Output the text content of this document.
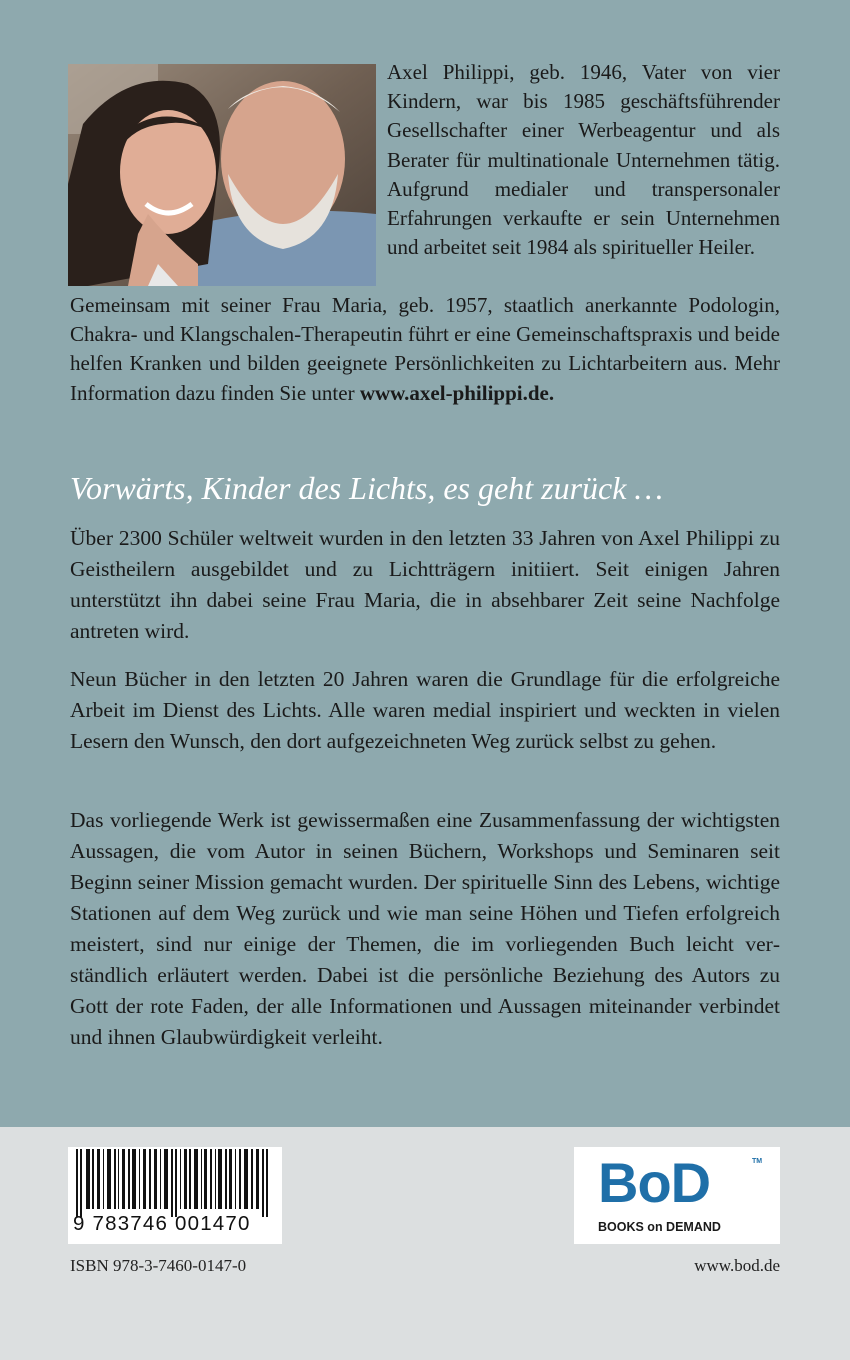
Axel Philippi, geb. 1946, Vater von vier Kindern, war bis 1985 geschäftsführender Gesellschafter einer Werbeagentur und als Berater für multinationale Unternehmen tätig. Aufgrund medialer und transpersonaler Erfahrungen verkaufte er sein Unternehmen und arbeitet seit 1984 als spiritueller Heiler.
Gemeinsam mit seiner Frau Maria, geb. 1957, staatlich anerkannte Podologin, Chakra- und Klangschalen-Therapeutin führt er eine Gemeinschaftspraxis und beide helfen Kranken und bilden geeignete Persönlichkeiten zu Lichtarbeitern aus. Mehr Information dazu finden Sie unter www.axel-philippi.de.
Vorwärts, Kinder des Lichts, es geht zurück …

Über 2300 Schüler weltweit wurden in den letzten 33 Jahren von Axel Philippi zu Geistheilern ausgebildet und zu Lichtträgern initiiert. Seit einigen Jahren unterstützt ihn dabei seine Frau Maria, die in absehbarer Zeit seine Nachfolge antreten wird.

Neun Bücher in den letzten 20 Jahren waren die Grundlage für die erfolgreiche Arbeit im Dienst des Lichts. Alle waren medial inspiriert und weckten in vielen Lesern den Wunsch, den dort aufgezeichneten Weg zurück selbst zu gehen.

Das vorliegende Werk ist gewissermaßen eine Zusammenfassung der wichtigsten Aussagen, die vom Autor in seinen Büchern, Workshops und Seminaren seit Beginn seiner Mission gemacht wurden. Der spirituelle Sinn des Lebens, wichtige Stationen auf dem Weg zurück und wie man seine Höhen und Tiefen erfolgreich meistert, sind nur einige der Themen, die im vorliegenden Buch leicht verständlich erläutert werden. Dabei ist die persönliche Beziehung des Autors zu Gott der rote Faden, der alle Informationen und Aussagen miteinander verbindet und ihnen Glaubwürdigkeit verleiht.

9 783746 001470
ISBN 978-3-7460-0147-0
BoD	TM
BOOKS on DEMAND
www.bod.de
